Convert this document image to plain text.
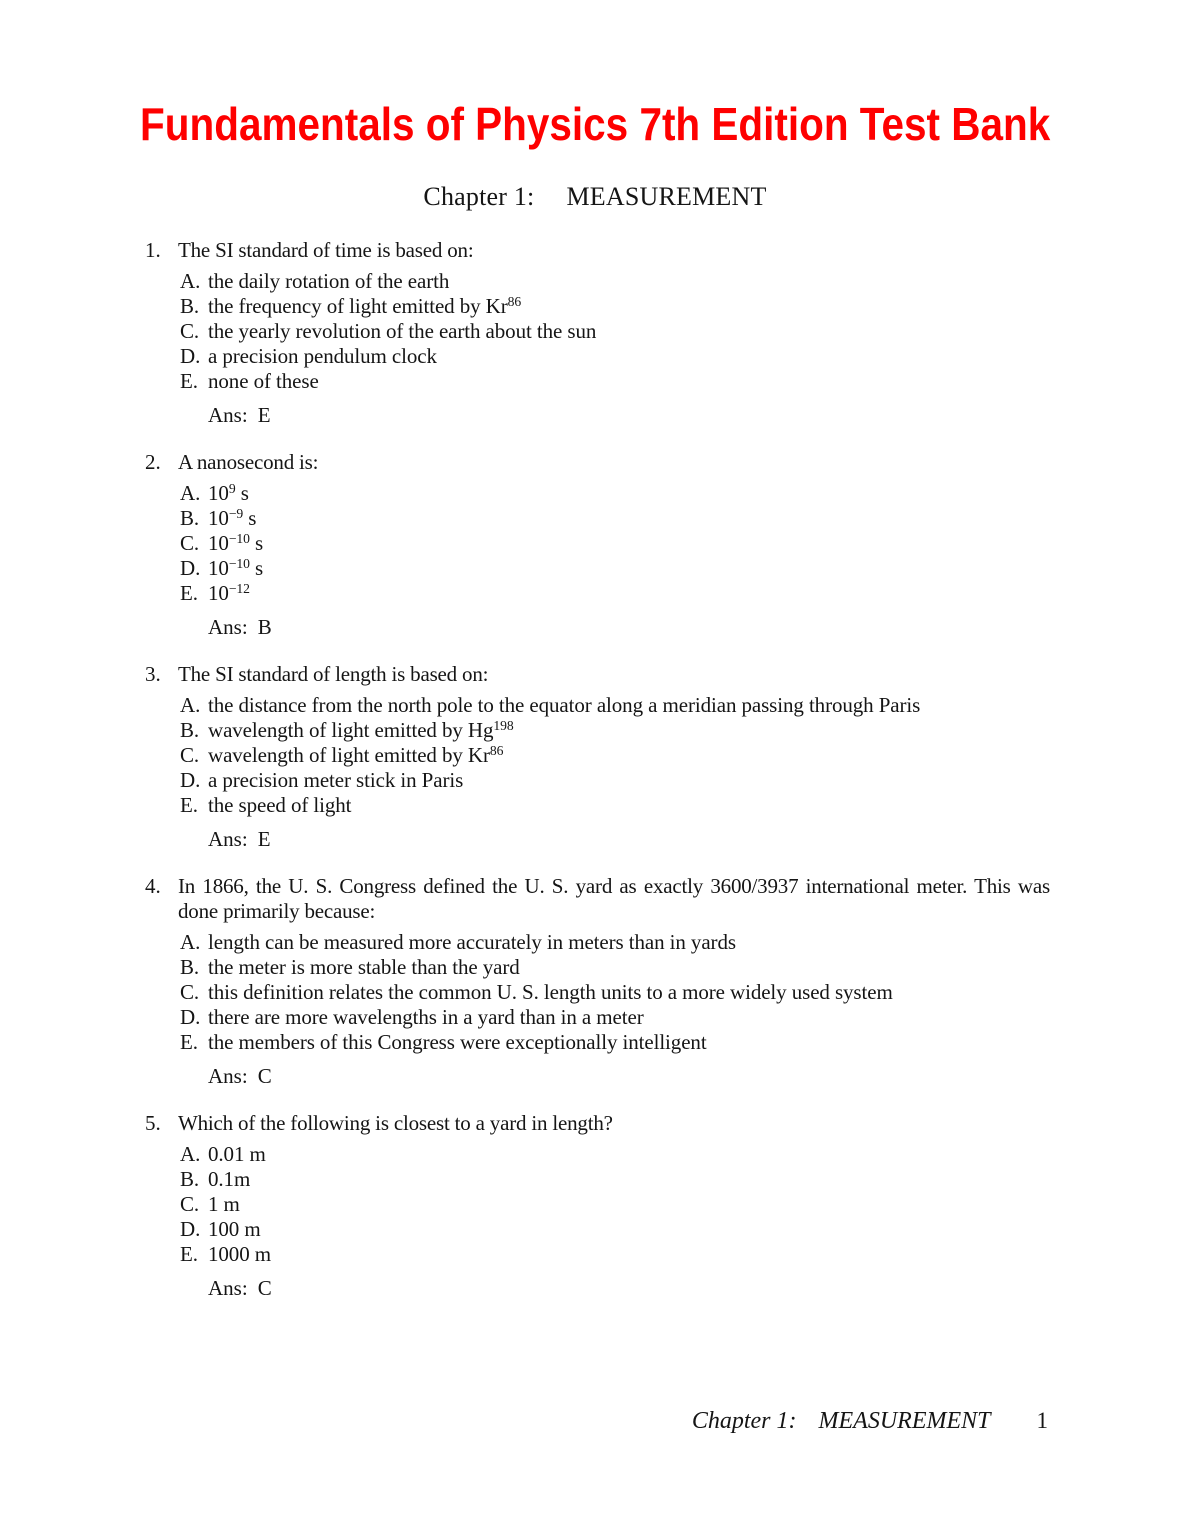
Fundamentals of Physics 7th Edition Test Bank
Chapter 1: MEASUREMENT
1. The SI standard of time is based on:
A. the daily rotation of the earth
B. the frequency of light emitted by Kr$^{86}$
C. the yearly revolution of the earth about the sun
D. a precision pendulum clock
E. none of these
Ans: E
2. A nanosecond is:
A. $10^9$ s
B. $10^{-9}$ s
C. $10^{-10}$ s
D. $10^{-10}$ s
E. $10^{-12}$
Ans: B
3. The SI standard of length is based on:
A. the distance from the north pole to the equator along a meridian passing through Paris
B. wavelength of light emitted by Hg$^{198}$
C. wavelength of light emitted by Kr$^{86}$
D. a precision meter stick in Paris
E. the speed of light
Ans: E
4. In 1866, the U. S. Congress defined the U. S. yard as exactly 3600/3937 international meter. This was done primarily because:
A. length can be measured more accurately in meters than in yards
B. the meter is more stable than the yard
C. this definition relates the common U. S. length units to a more widely used system
D. there are more wavelengths in a yard than in a meter
E. the members of this Congress were exceptionally intelligent
Ans: C
5. Which of the following is closest to a yard in length?
A. 0.01 m
B. 0.1m
C. 1 m
D. 100 m
E. 1000 m
Ans: C
Chapter 1: MEASUREMENT 1
